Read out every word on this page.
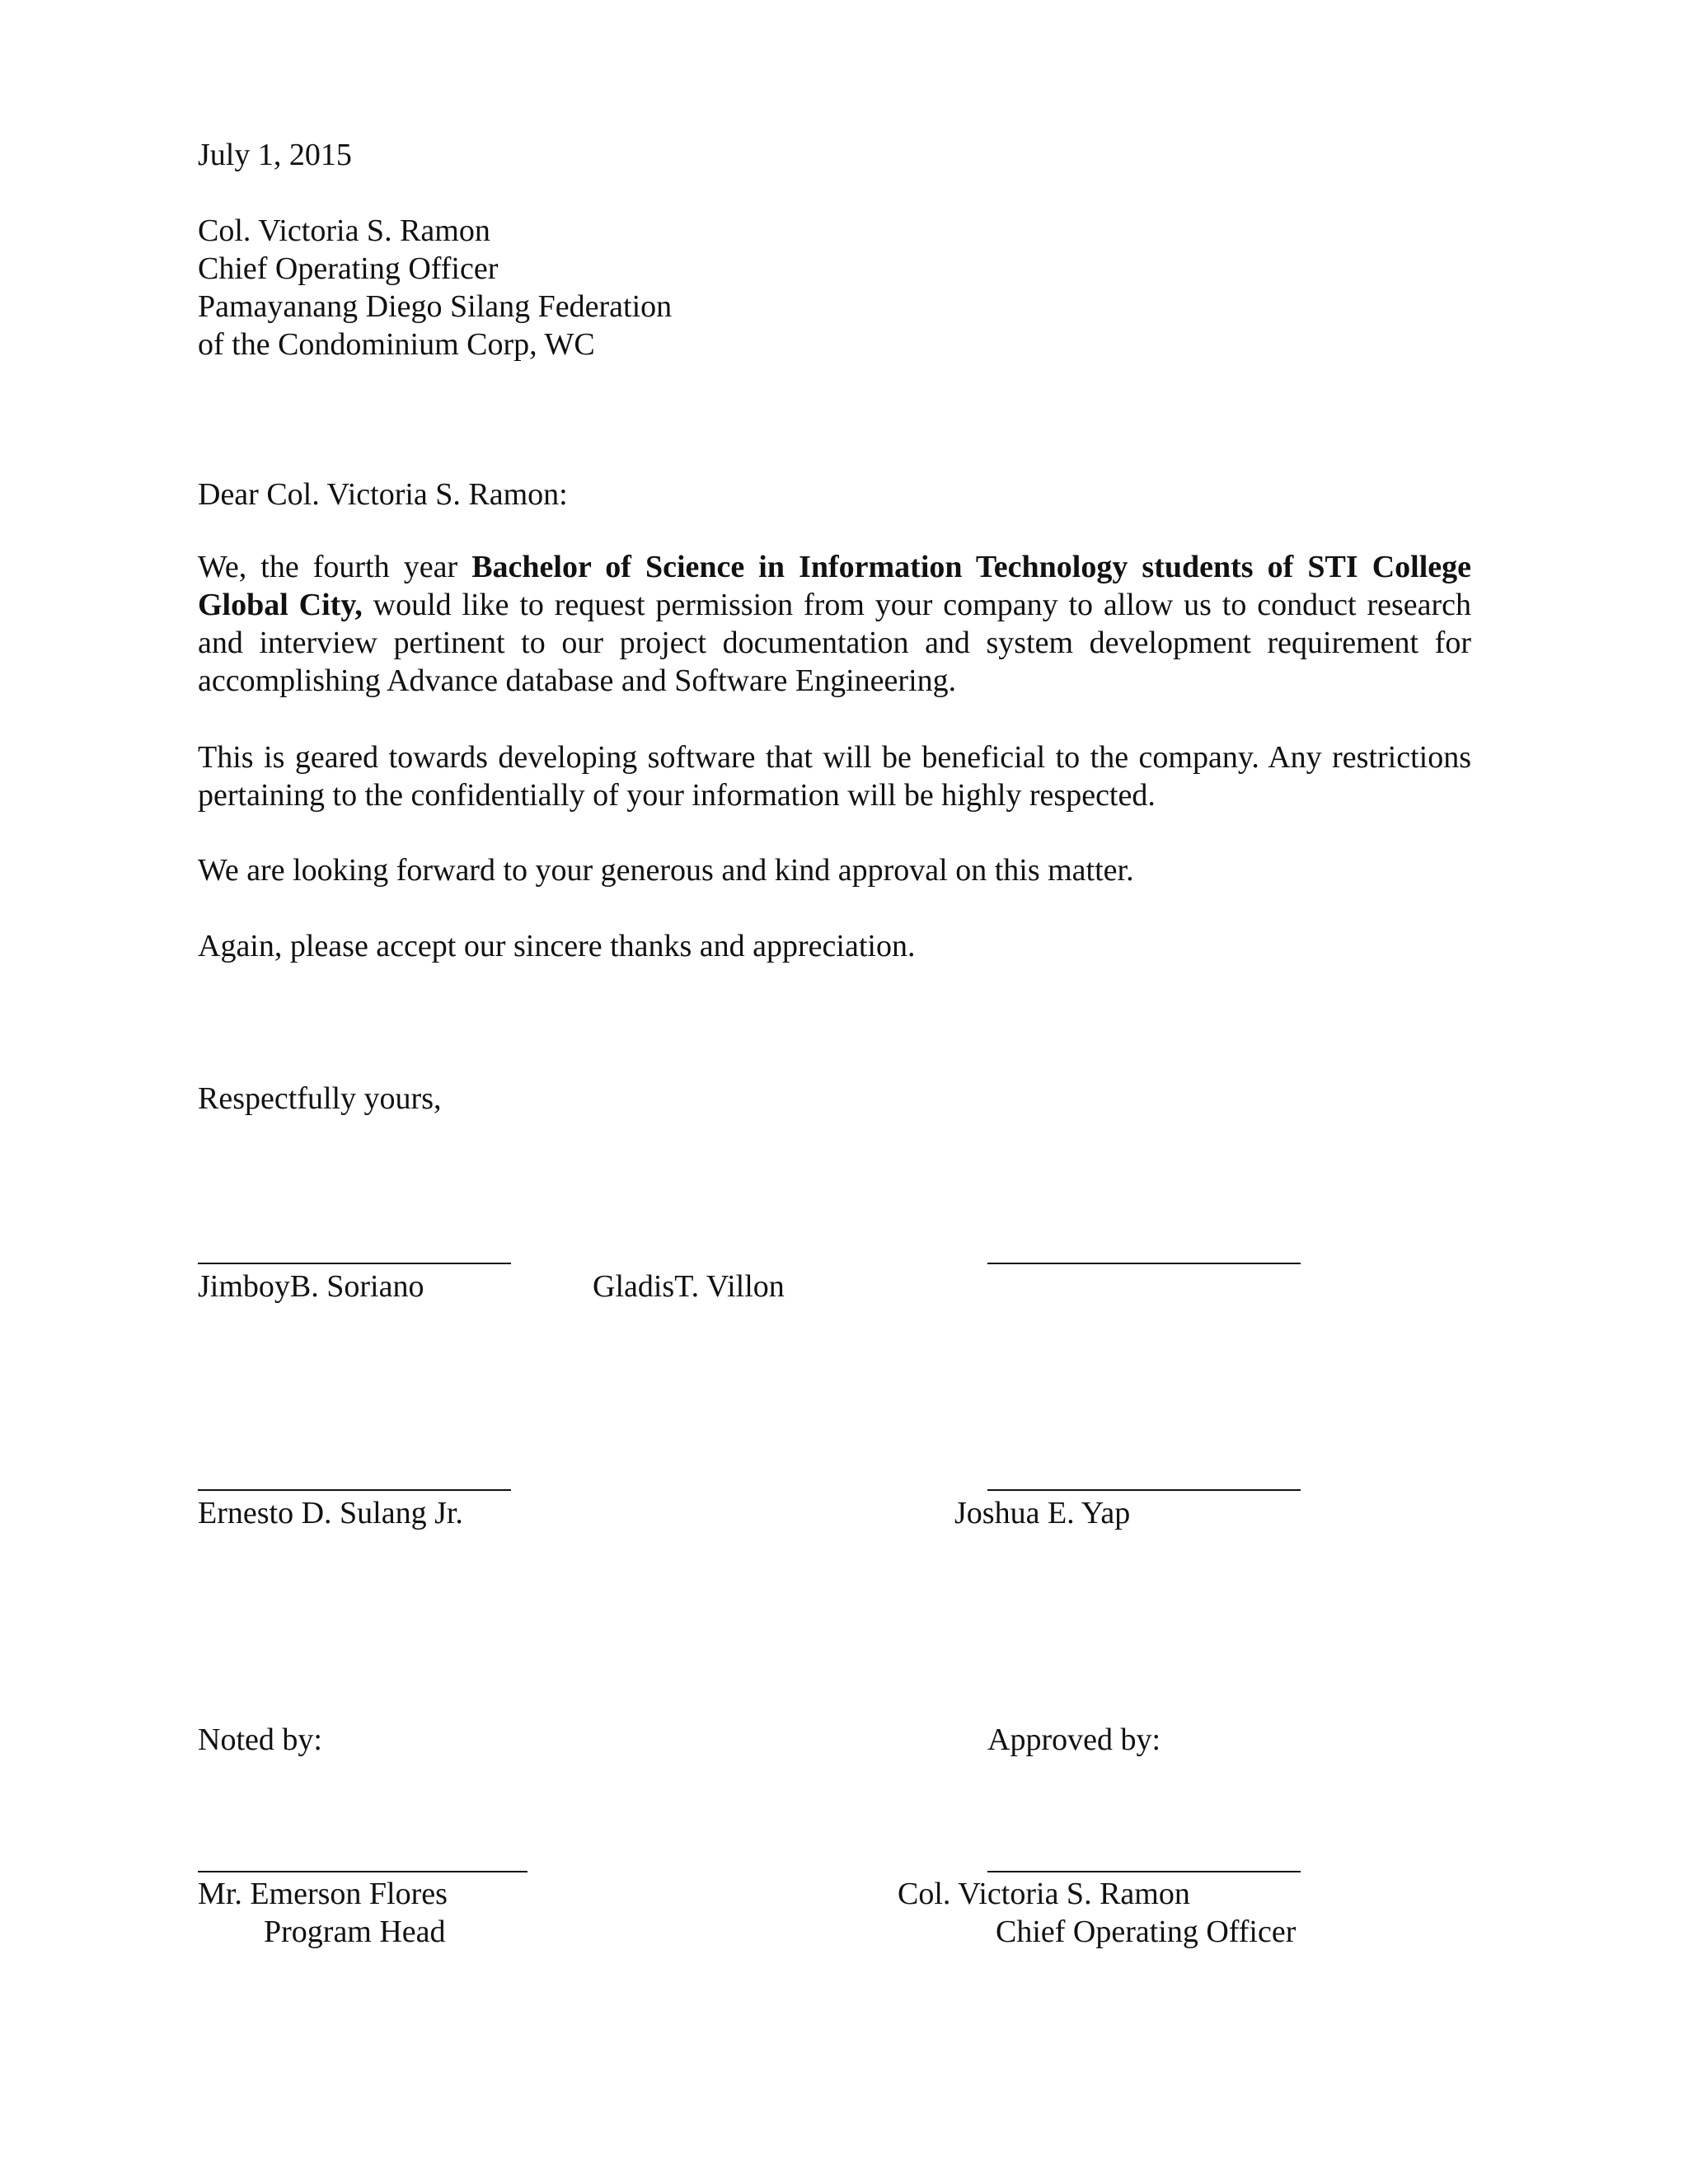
July 1, 2015
Col. Victoria S. Ramon
Chief Operating Officer
Pamayanang Diego Silang Federation
of the Condominium Corp, WC
Dear Col. Victoria S. Ramon:
We, the fourth year Bachelor of Science in Information Technology students of STI College Global City, would like to request permission from your company to allow us to conduct research and interview pertinent to our project documentation and system development requirement for accomplishing Advance database and Software Engineering.
This is geared towards developing software that will be beneficial to the company. Any restrictions pertaining to the confidentially of your information will be highly respected.
We are looking forward to your generous and kind approval on this matter.
Again, please accept our sincere thanks and appreciation.
Respectfully yours,
JimboyB. Soriano	GladisT. Villon
Ernesto D. Sulang Jr.	Joshua E. Yap
Noted by:	Approved by:
Mr. Emerson Flores
Program Head
Col. Victoria S. Ramon
Chief Operating Officer
